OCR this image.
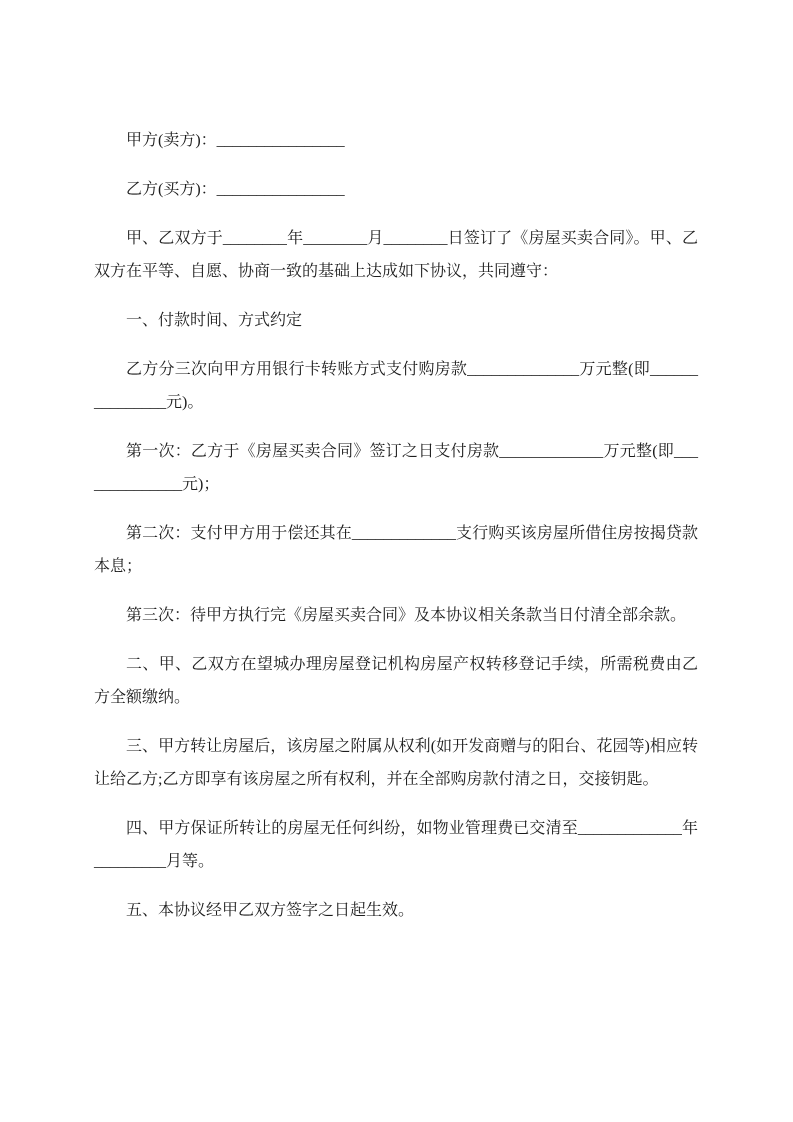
甲方(卖方)：________________

乙方(买方)：________________

甲、乙双方于________年________月________日签订了《房屋买卖合同》。甲、乙双方在平等、自愿、协商一致的基础上达成如下协议，共同遵守：

一、付款时间、方式约定

乙方分三次向甲方用银行卡转账方式支付购房款______________万元整(即_______________元)。

第一次：乙方于《房屋买卖合同》签订之日支付房款_____________万元整(即______________元)；

第二次：支付甲方用于偿还其在_____________支行购买该房屋所借住房按揭贷款本息；

第三次：待甲方执行完《房屋买卖合同》及本协议相关条款当日付清全部余款。

二、甲、乙双方在望城办理房屋登记机构房屋产权转移登记手续，所需税费由乙方全额缴纳。

三、甲方转让房屋后，该房屋之附属从权利(如开发商赠与的阳台、花园等)相应转让给乙方;乙方即享有该房屋之所有权利，并在全部购房款付清之日，交接钥匙。

四、甲方保证所转让的房屋无任何纠纷，如物业管理费已交清至_____________年_________月等。

五、本协议经甲乙双方签字之日起生效。
